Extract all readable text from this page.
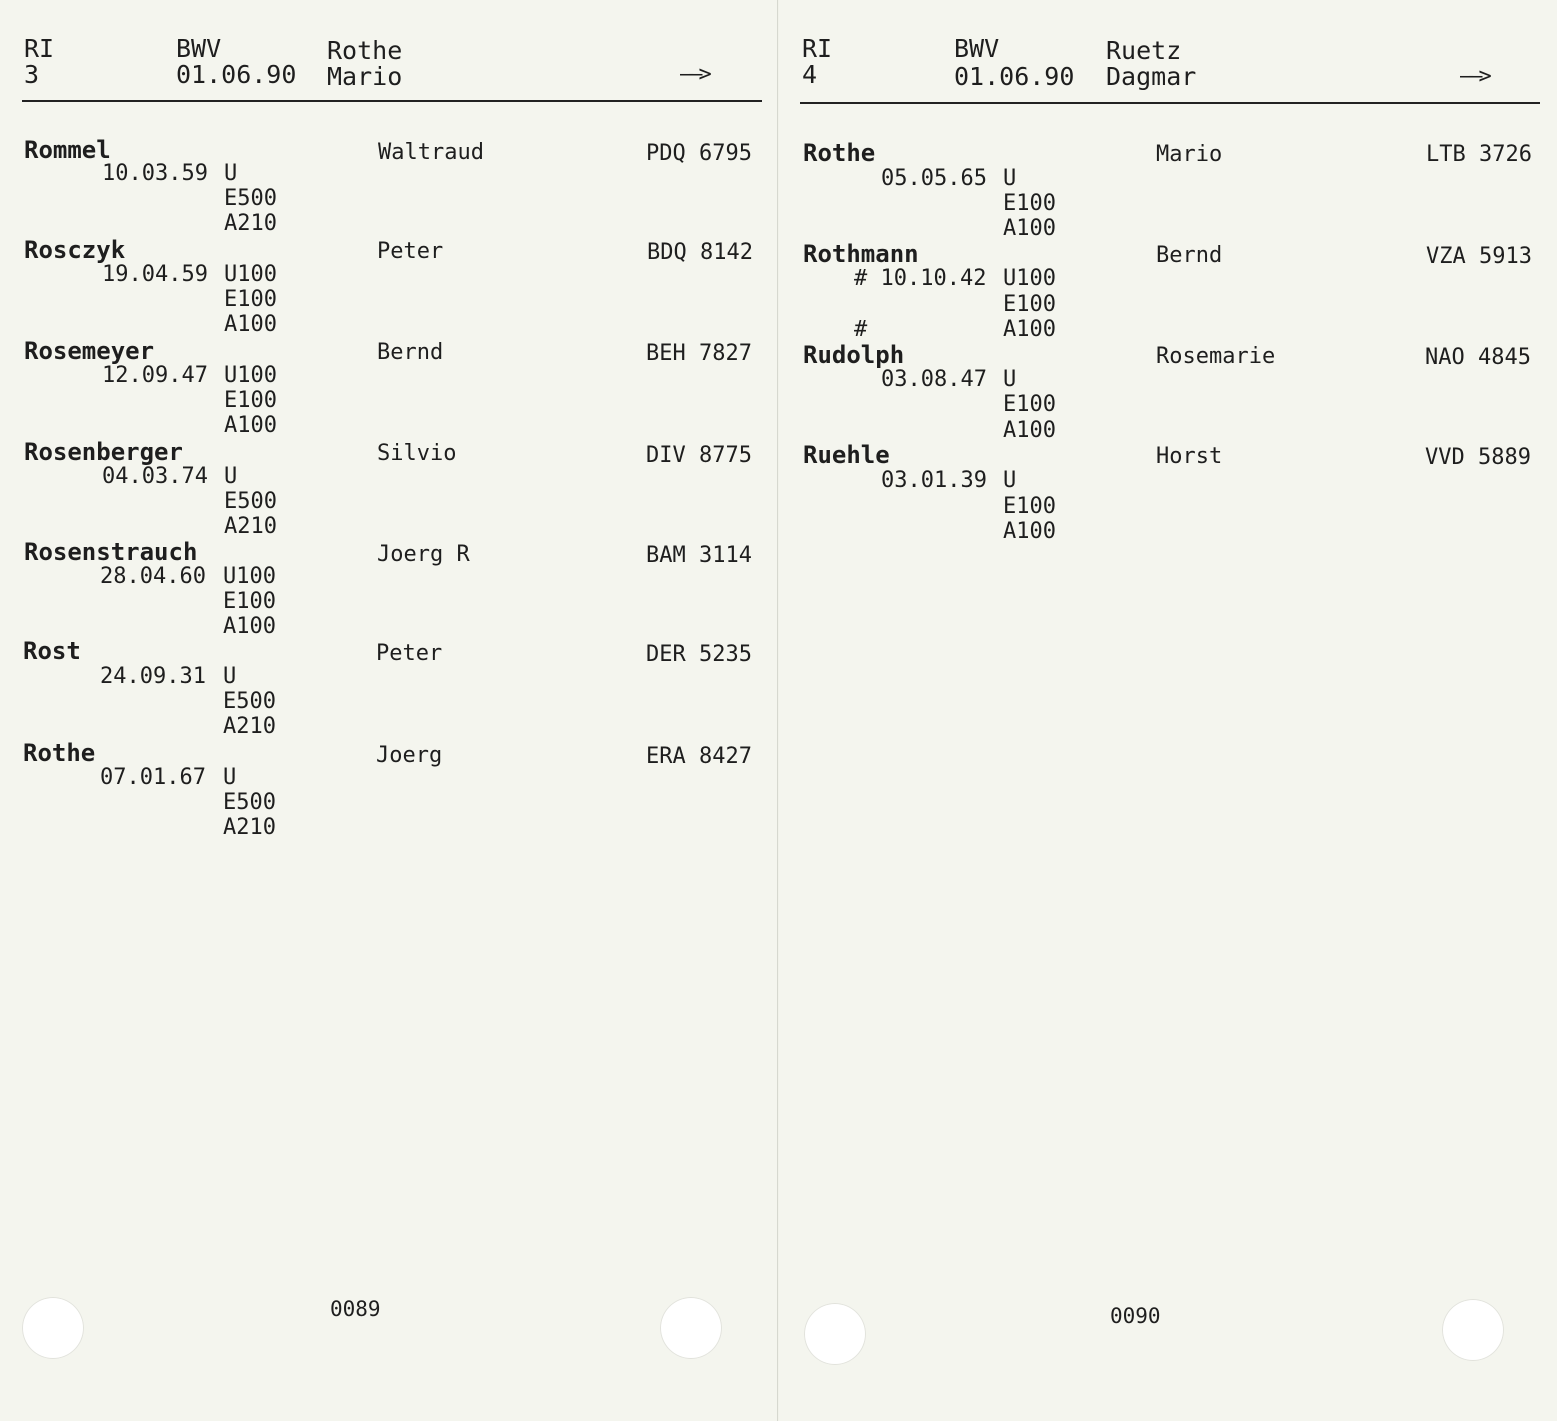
RI
3
BWV
01.06.90
Rothe
Mario	——>
Rommel	Waltraud	PDQ 6795
10.03.59 U
E500
A210
Rosczyk	Peter	BDQ 8142
19.04.59 U100
E100
A100
Rosemeyer	Bernd	BEH 7827
12.09.47 U100
E100
A100
Rosenberger	Silvio	DIV 8775
04.03.74 U
E500
A210
Rosenstrauch	Joerg R	BAM 3114
28.04.60 U100
E100
A100
Rost	Peter	DER 5235
24.09.31 U
E500
A210
Rothe	Joerg	ERA 8427
07.01.67 U
E500
A210
0089
RI
4
BWV
01.06.90
Ruetz
Dagmar	——>
Rothe	Mario	LTB 3726
05.05.65 U
E100
A100
Rothmann	Bernd	VZA 5913
# 10.10.42 U100
E100
#	A100
Rudolph	Rosemarie	NAO 4845
03.08.47 U
E100
A100
Ruehle	Horst	VVD 5889
03.01.39 U
E100
A100
0090
